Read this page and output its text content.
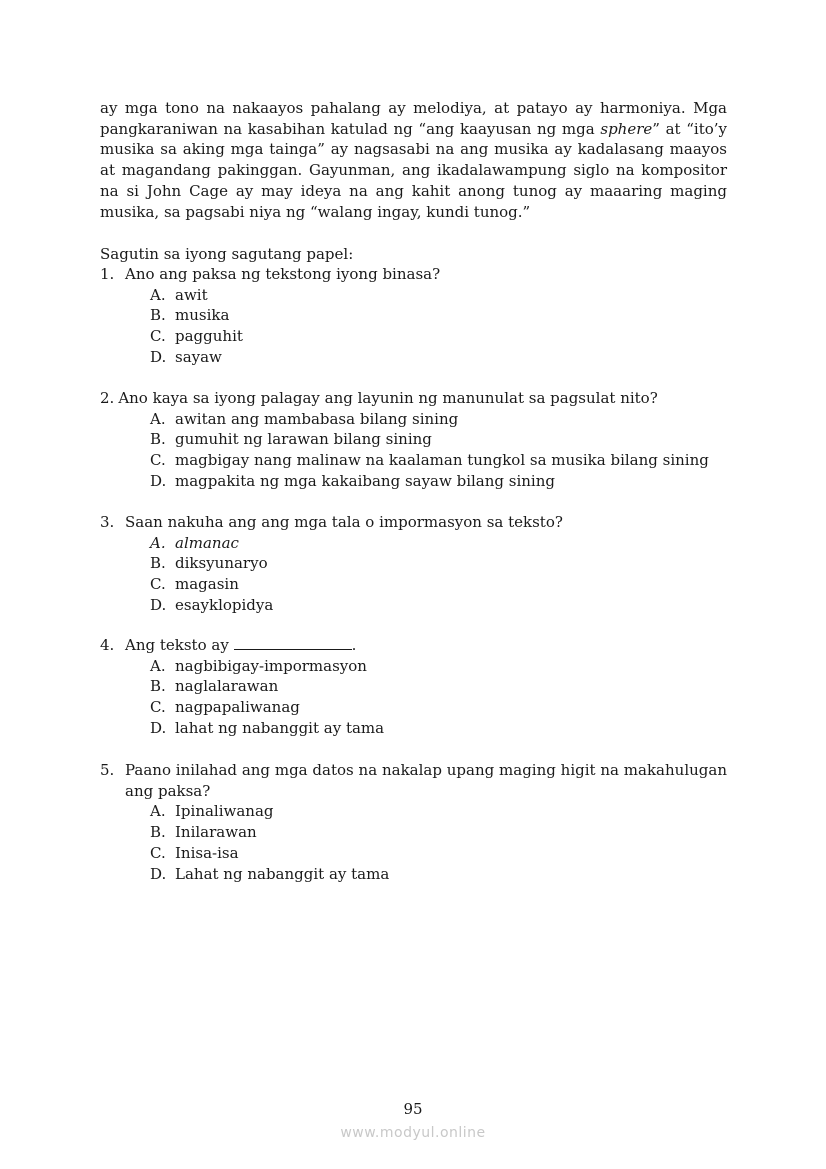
ay mga tono na nakaayos pahalang ay melodiya, at patayo ay harmoniya. Mga pangkaraniwan na kasabihan katulad ng “ang kaayusan ng mga sphere” at “ito’y musika sa aking mga tainga” ay nagsasabi na ang musika ay kadalasang maayos at magandang pakinggan. Gayunman, ang ikadalawampung siglo na kompositor na si John Cage ay may ideya na ang kahit anong tunog ay maaaring maging musika, sa pagsabi niya ng “walang ingay, kundi tunog.”

Sagutin sa iyong sagutang papel:

1. Ano ang paksa ng tekstong iyong binasa?
A. awit
B. musika
C. pagguhit
D. sayaw
2. Ano kaya sa iyong palagay ang layunin ng manunulat sa pagsulat nito?
A. awitan ang mambabasa bilang sining
B. gumuhit ng larawan bilang sining
C. magbigay nang malinaw na kaalaman tungkol sa musika bilang sining
D. magpakita ng mga kakaibang sayaw bilang sining
3. Saan nakuha ang ang mga tala o impormasyon sa teksto?
A. almanac
B. diksyunaryo
C. magasin
D. esayklopidya
4. Ang teksto ay	.
A. nagbibigay-impormasyon
B. naglalarawan
C. nagpapaliwanag
D. lahat ng nabanggit ay tama
5. Paano inilahad ang mga datos na nakalap upang maging higit na makahulugan ang paksa?
A. Ipinaliwanag
B. Inilarawan
C. Inisa-isa
D. Lahat ng nabanggit ay tama
95
www.modyul.online
